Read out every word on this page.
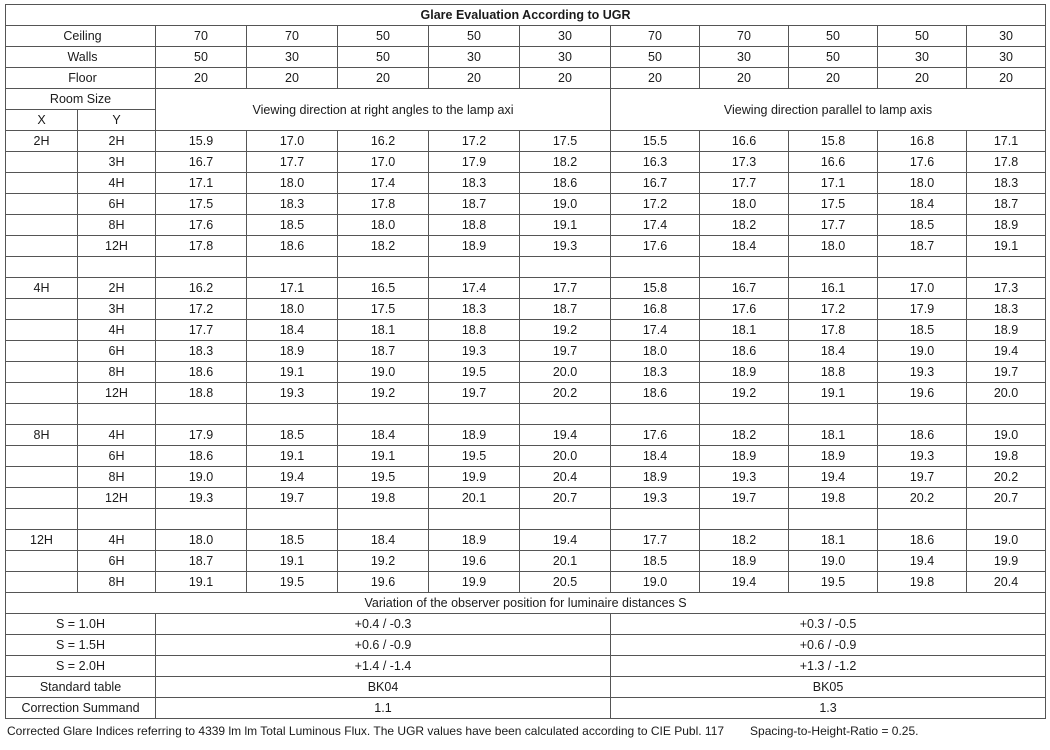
Glare Evaluation According to UGR											
Ceiling		70	70	50	50	30	70	70	50	50	30
Walls		50	30	50	30	30	50	30	50	30	30
Floor		20	20	20	20	20	20	20	20	20	20
Room Size		Viewing direction at right angles to the lamp axi					Viewing direction parallel to lamp axis				
X	Y										
2H	2H	15.9	17.0	16.2	17.2	17.5	15.5	16.6	15.8	16.8	17.1
	3H	16.7	17.7	17.0	17.9	18.2	16.3	17.3	16.6	17.6	17.8
	4H	17.1	18.0	17.4	18.3	18.6	16.7	17.7	17.1	18.0	18.3
	6H	17.5	18.3	17.8	18.7	19.0	17.2	18.0	17.5	18.4	18.7
	8H	17.6	18.5	18.0	18.8	19.1	17.4	18.2	17.7	18.5	18.9
	12H	17.8	18.6	18.2	18.9	19.3	17.6	18.4	18.0	18.7	19.1

4H	2H	16.2	17.1	16.5	17.4	17.7	15.8	16.7	16.1	17.0	17.3
	3H	17.2	18.0	17.5	18.3	18.7	16.8	17.6	17.2	17.9	18.3
	4H	17.7	18.4	18.1	18.8	19.2	17.4	18.1	17.8	18.5	18.9
	6H	18.3	18.9	18.7	19.3	19.7	18.0	18.6	18.4	19.0	19.4
	8H	18.6	19.1	19.0	19.5	20.0	18.3	18.9	18.8	19.3	19.7
	12H	18.8	19.3	19.2	19.7	20.2	18.6	19.2	19.1	19.6	20.0

8H	4H	17.9	18.5	18.4	18.9	19.4	17.6	18.2	18.1	18.6	19.0
	6H	18.6	19.1	19.1	19.5	20.0	18.4	18.9	18.9	19.3	19.8
	8H	19.0	19.4	19.5	19.9	20.4	18.9	19.3	19.4	19.7	20.2
	12H	19.3	19.7	19.8	20.1	20.7	19.3	19.7	19.8	20.2	20.7

12H	4H	18.0	18.5	18.4	18.9	19.4	17.7	18.2	18.1	18.6	19.0
	6H	18.7	19.1	19.2	19.6	20.1	18.5	18.9	19.0	19.4	19.9
	8H	19.1	19.5	19.6	19.9	20.5	19.0	19.4	19.5	19.8	20.4
Variation of the observer position for luminaire distances S											
S = 1.0H		+0.4 / -0.3					+0.3 / -0.5				
S = 1.5H		+0.6 / -0.9					+0.6 / -0.9				
S = 2.0H		+1.4 / -1.4					+1.3 / -1.2				
Standard table		BK04					BK05				
Correction Summand		1.1					1.3				
Corrected Glare Indices referring to 4339 lm lm Total Luminous Flux. The UGR values have been calculated according to CIE Publ. 117 Spacing-to-Height-Ratio = 0.25.
